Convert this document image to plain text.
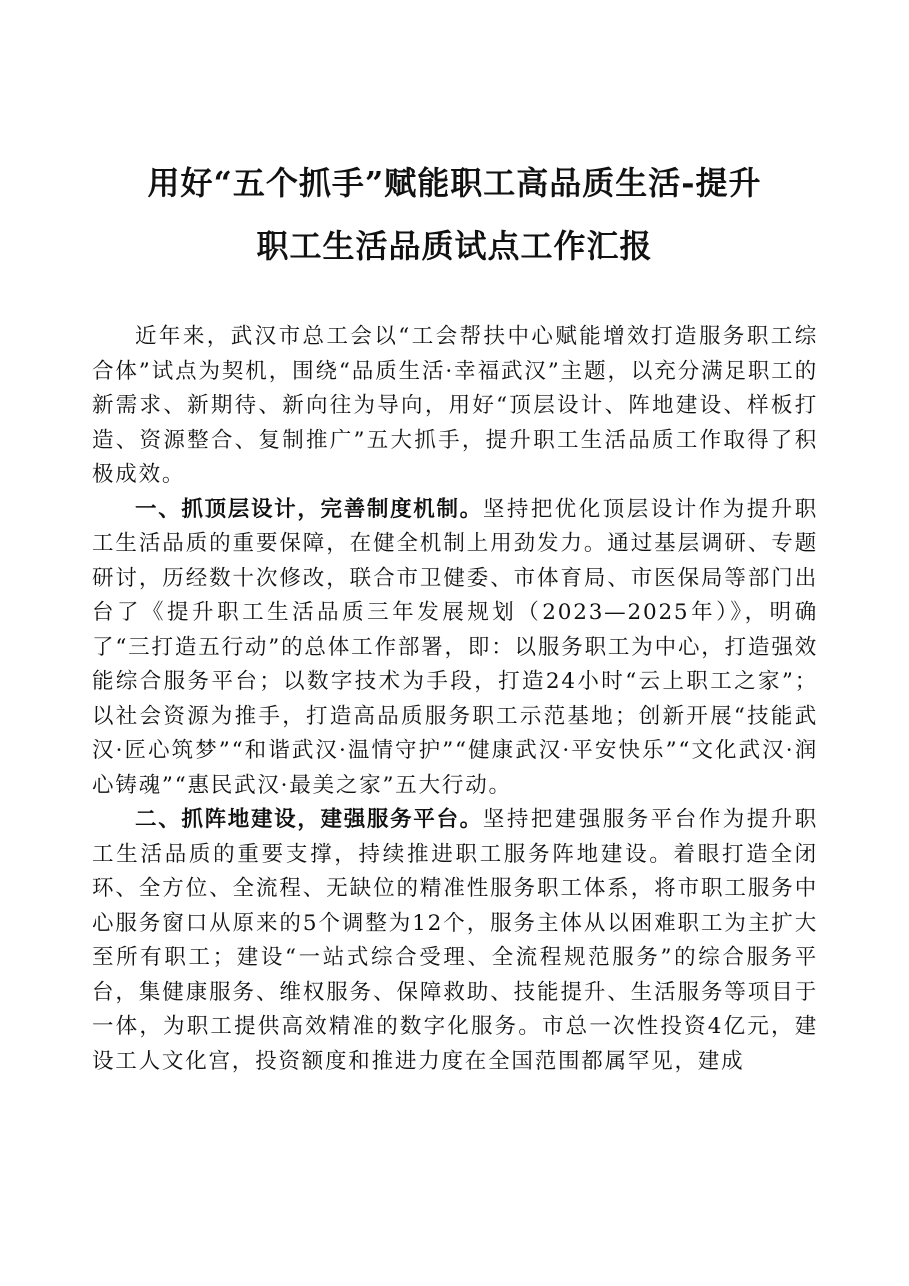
用好“五个抓手”赋能职工高品质生活-提升
职工生活品质试点工作汇报

近年来，武汉市总工会以“工会帮扶中心赋能增效打造服务职工综合体”试点为契机，围绕“品质生活·幸福武汉”主题，以充分满足职工的新需求、新期待、新向往为导向，用好“顶层设计、阵地建设、样板打造、资源整合、复制推广”五大抓手，提升职工生活品质工作取得了积极成效。

一、抓顶层设计，完善制度机制。坚持把优化顶层设计作为提升职工生活品质的重要保障，在健全机制上用劲发力。通过基层调研、专题研讨，历经数十次修改，联合市卫健委、市体育局、市医保局等部门出台了《提升职工生活品质三年发展规划（2023—2025年）》，明确了“三打造五行动”的总体工作部署，即：以服务职工为中心，打造强效能综合服务平台；以数字技术为手段，打造24小时“云上职工之家”；以社会资源为推手，打造高品质服务职工示范基地；创新开展“技能武汉·匠心筑梦”“和谐武汉·温情守护”“健康武汉·平安快乐”“文化武汉·润心铸魂”“惠民武汉·最美之家”五大行动。

二、抓阵地建设，建强服务平台。坚持把建强服务平台作为提升职工生活品质的重要支撑，持续推进职工服务阵地建设。着眼打造全闭环、全方位、全流程、无缺位的精准性服务职工体系，将市职工服务中心服务窗口从原来的5个调整为12个，服务主体从以困难职工为主扩大至所有职工；建设“一站式综合受理、全流程规范服务”的综合服务平台，集健康服务、维权服务、保障救助、技能提升、生活服务等项目于一体，为职工提供高效精准的数字化服务。市总一次性投资4亿元，建设工人文化宫，投资额度和推进力度在全国范围都属罕见，建成
